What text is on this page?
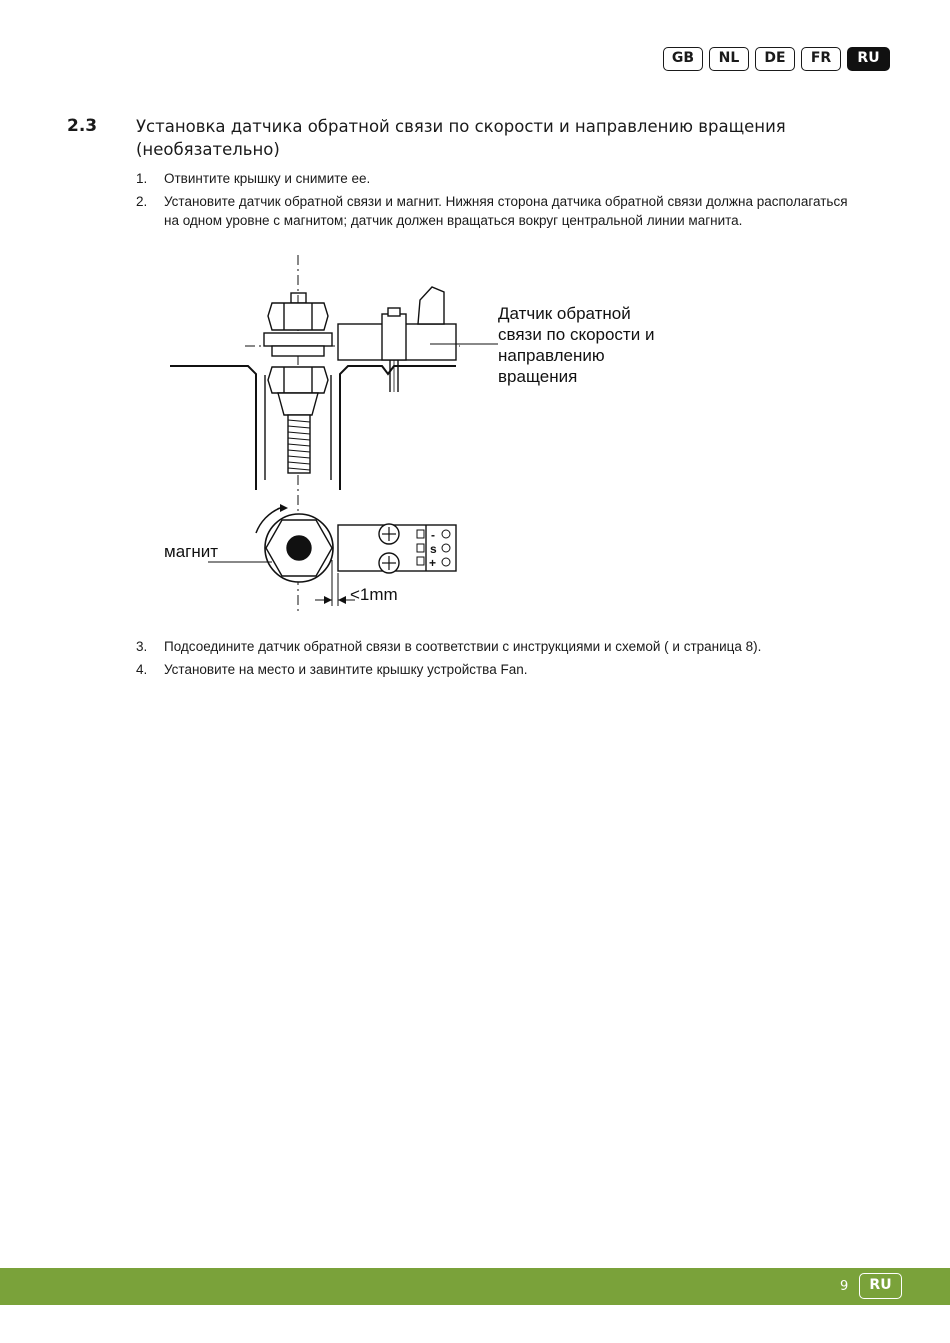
GB	NL	DE	FR	RU
2.3 Установка датчика обратной связи по скорости и направлению вращения
(необязательно)
1. Отвинтите крышку и снимите ее.
2. Установите датчик обратной связи и магнит. Нижняя сторона датчика обратной связи должна располагаться на одном уровне с магнитом; датчик должен вращаться вокруг центральной линии магнита.
-
s
+
Датчик обратной
связи по скорости и
направлению
вращения
магнит
<1mm
3. Подсоедините датчик обратной связи в соответствии с инструкциями и схемой ( и страница 8).
4. Установите на место и завинтите крышку устройства Fan.
9	RU
